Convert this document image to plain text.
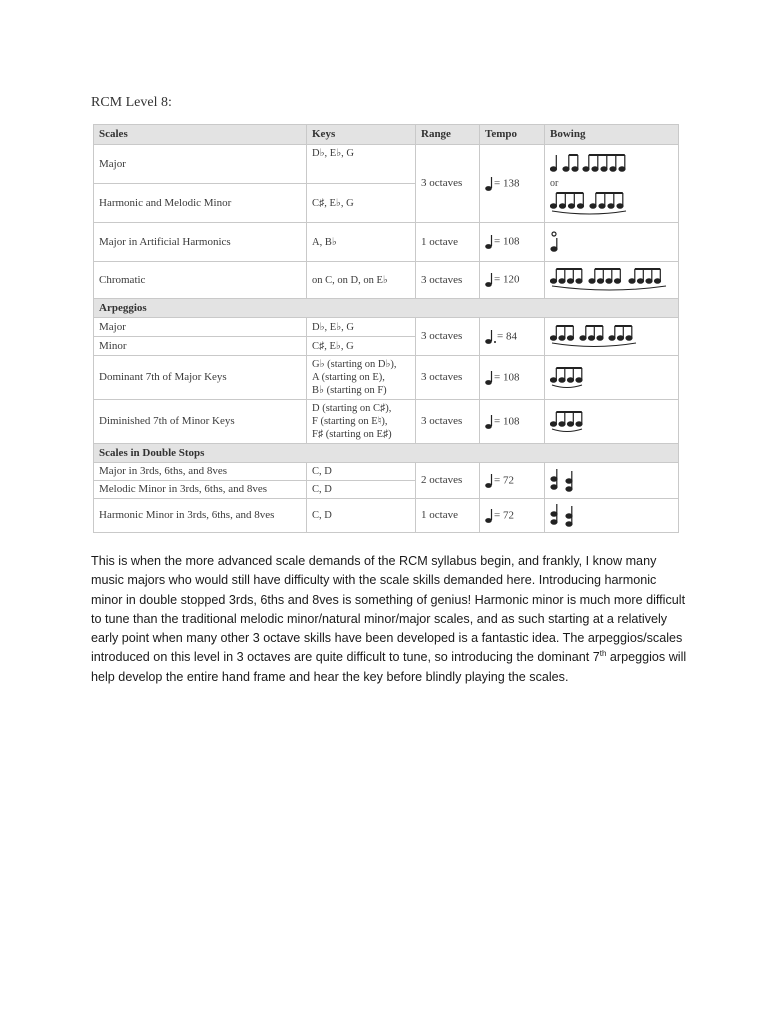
RCM Level 8:
Scales	Keys	Range	Tempo	Bowing
Major	D♭, E♭, G	3 octaves	= 138	or

Harmonic and Melodic Minor	C♯, E♭, G			
Major in Artificial Harmonics	A, B♭	1 octave	= 108	

Chromatic	on C, on D, on E♭	3 octaves	= 120	

Arpeggios				
Major	D♭, E♭, G	3 octaves	= 84	

Minor	C♯, E♭, G			
Dominant 7th of Major Keys	G♭ (starting on D♭),
A (starting on E),
B♭ (starting on F)	3 octaves	= 108	

Diminished 7th of Minor Keys	D (starting on C♯),
F (starting on E♮),
F♯ (starting on E♯)	3 octaves	= 108	

Scales in Double Stops				
Major in 3rds, 6ths, and 8ves	C, D	2 octaves	= 72	

Melodic Minor in 3rds, 6ths, and 8ves	C, D			
Harmonic Minor in 3rds, 6ths, and 8ves	C, D	1 octave	= 72	

This is when the more advanced scale demands of the RCM syllabus begin, and frankly, I know many music majors who would still have difficulty with the scale skills demanded here. Introducing harmonic minor in double stopped 3rds, 6ths and 8ves is something of genius! Harmonic minor is much more difficult to tune than the traditional melodic minor/natural minor/major scales, and as such starting at a relatively early point when many other 3 octave skills have been developed is a fantastic idea. The arpeggios/scales introduced on this level in 3 octaves are quite difficult to tune, so introducing the dominant 7th arpeggios will help develop the entire hand frame and hear the key before blindly playing the scales.
